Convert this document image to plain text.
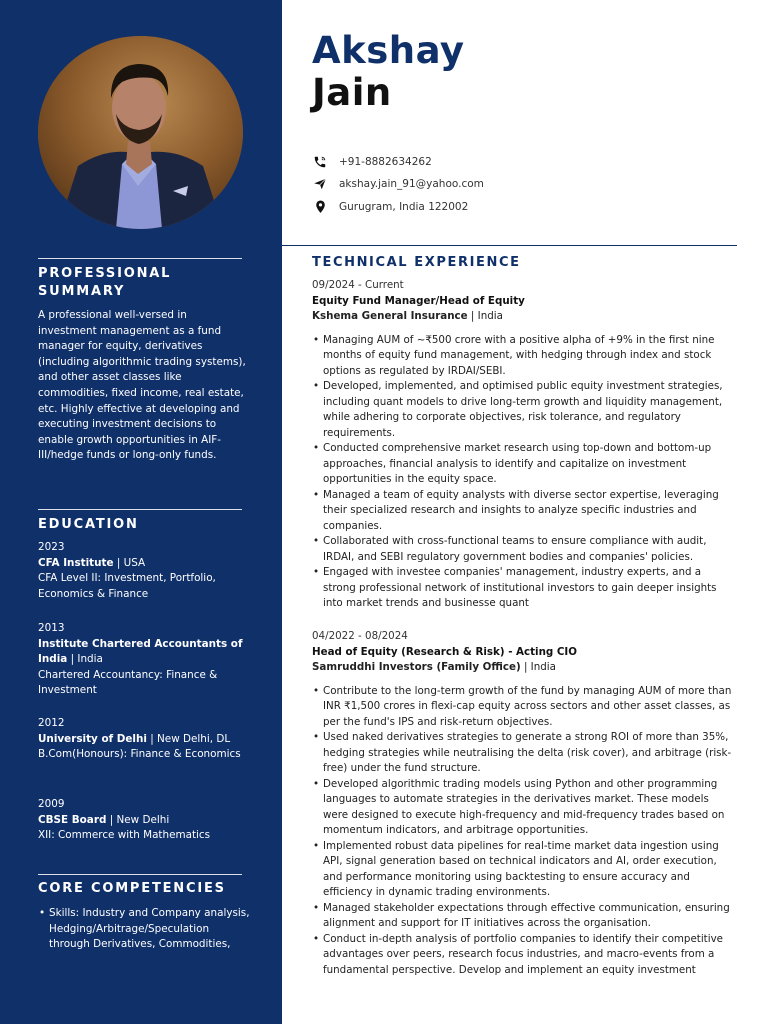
PROFESSIONAL
SUMMARY
A professional well-versed in investment management as a fund manager for equity, derivatives (including algorithmic trading systems), and other asset classes like commodities, fixed income, real estate, etc. Highly effective at developing and executing investment decisions to enable growth opportunities in AIF-III/hedge funds or long-only funds.
EDUCATION
2023
CFA Institute | USA
CFA Level II: Investment, Portfolio, Economics & Finance
2013
Institute Chartered Accountants of India | India
Chartered Accountancy: Finance & Investment
2012
University of Delhi | New Delhi, DL
B.Com(Honours): Finance & Economics
2009
CBSE Board | New Delhi
XII: Commerce with Mathematics
CORE COMPETENCIES
• Skills: Industry and Company analysis, Hedging/Arbitrage/Speculation through Derivatives, Commodities,
Akshay
Jain
+91-8882634262
akshay.jain_91@yahoo.com
Gurugram, India 122002
TECHNICAL EXPERIENCE
09/2024 - Current
Equity Fund Manager/Head of Equity
Kshema General Insurance | India
• Managing AUM of ~₹500 crore with a positive alpha of +9% in the first nine months of equity fund management, with hedging through index and stock options as regulated by IRDAI/SEBI.
• Developed, implemented, and optimised public equity investment strategies, including quant models to drive long-term growth and liquidity management, while adhering to corporate objectives, risk tolerance, and regulatory requirements.
• Conducted comprehensive market research using top-down and bottom-up approaches, financial analysis to identify and capitalize on investment opportunities in the equity space.
• Managed a team of equity analysts with diverse sector expertise, leveraging their specialized research and insights to analyze specific industries and companies.
• Collaborated with cross-functional teams to ensure compliance with audit, IRDAI, and SEBI regulatory government bodies and companies' policies.
• Engaged with investee companies' management, industry experts, and a strong professional network of institutional investors to gain deeper insights into market trends and businesse quant
04/2022 - 08/2024
Head of Equity (Research & Risk) - Acting CIO
Samruddhi Investors (Family Office) | India
• Contribute to the long-term growth of the fund by managing AUM of more than INR ₹1,500 crores in flexi-cap equity across sectors and other asset classes, as per the fund's IPS and risk-return objectives.
• Used naked derivatives strategies to generate a strong ROI of more than 35%, hedging strategies while neutralising the delta (risk cover), and arbitrage (risk-free) under the fund structure.
• Developed algorithmic trading models using Python and other programming languages to automate strategies in the derivatives market. These models were designed to execute high-frequency and mid-frequency trades based on momentum indicators, and arbitrage opportunities.
• Implemented robust data pipelines for real-time market data ingestion using API, signal generation based on technical indicators and AI, order execution, and performance monitoring using backtesting to ensure accuracy and efficiency in dynamic trading environments.
• Managed stakeholder expectations through effective communication, ensuring alignment and support for IT initiatives across the organisation.
• Conduct in-depth analysis of portfolio companies to identify their competitive advantages over peers, research focus industries, and macro-events from a fundamental perspective. Develop and implement an equity investment
